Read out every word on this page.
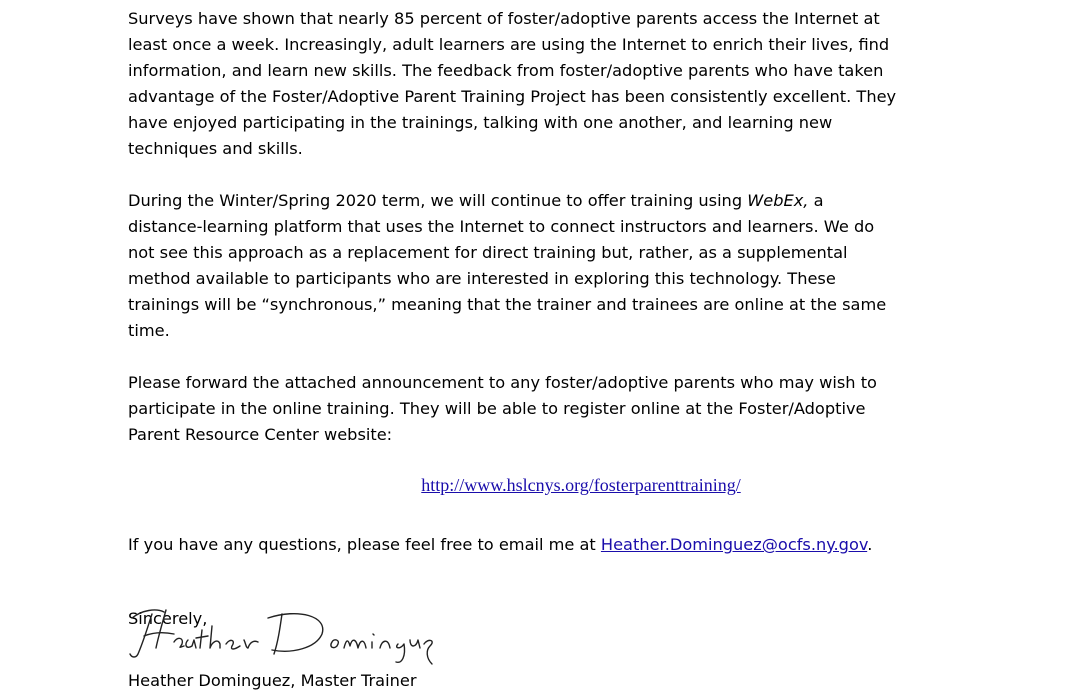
Surveys have shown that nearly 85 percent of foster/adoptive parents access the Internet at
least once a week. Increasingly, adult learners are using the Internet to enrich their lives, find
information, and learn new skills. The feedback from foster/adoptive parents who have taken
advantage of the Foster/Adoptive Parent Training Project has been consistently excellent. They
have enjoyed participating in the trainings, talking with one another, and learning new
techniques and skills.
During the Winter/Spring 2020 term, we will continue to offer training using WebEx, a
distance-learning platform that uses the Internet to connect instructors and learners. We do
not see this approach as a replacement for direct training but, rather, as a supplemental
method available to participants who are interested in exploring this technology. These
trainings will be “synchronous,” meaning that the trainer and trainees are online at the same
time.
Please forward the attached announcement to any foster/adoptive parents who may wish to
participate in the online training. They will be able to register online at the Foster/Adoptive
Parent Resource Center website:
http://www.hslcnys.org/fosterparenttraining/
If you have any questions, please feel free to email me at Heather.Dominguez@ocfs.ny.gov.
Sincerely,
Heather Dominguez, Master Trainer
